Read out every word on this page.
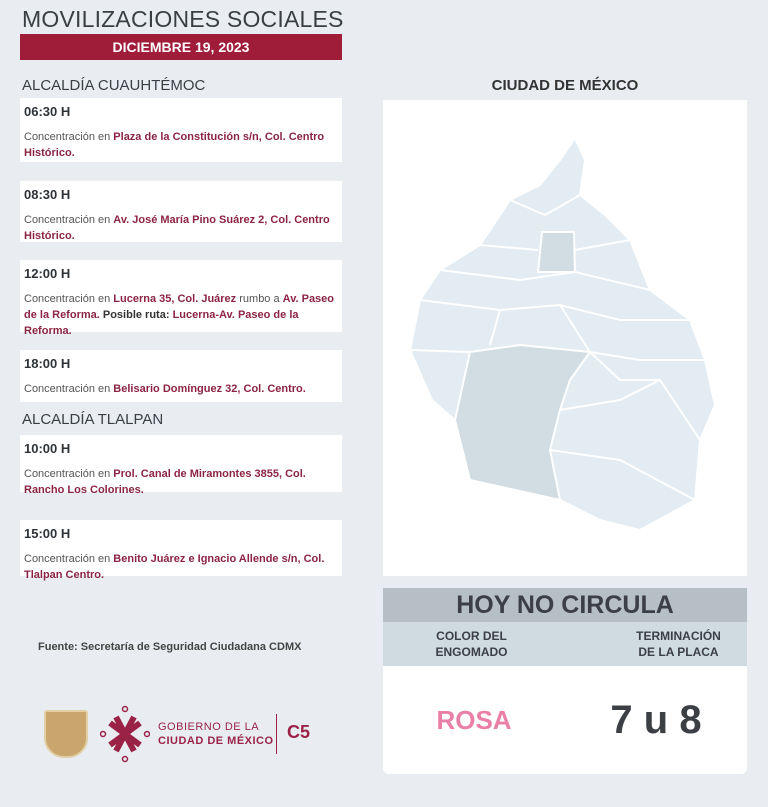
MOVILIZACIONES SOCIALES
DICIEMBRE 19, 2023
ALCALDÍA CUAUHTÉMOC
06:30 H
Concentración en Plaza de la Constitución s/n, Col. Centro Histórico.
08:30 H
Concentración en Av. José María Pino Suárez 2, Col. Centro Histórico.
12:00 H
Concentración en Lucerna 35, Col. Juárez rumbo a Av. Paseo de la Reforma. Posible ruta: Lucerna-Av. Paseo de la Reforma.
18:00 H
Concentración en Belisario Domínguez 32, Col. Centro.
ALCALDÍA TLALPAN
10:00 H
Concentración en Prol. Canal de Miramontes 3855, Col. Rancho Los Colorines.
15:00 H
Concentración en Benito Juárez e Ignacio Allende s/n, Col. Tlalpan Centro.
Fuente: Secretaría de Seguridad Ciudadana CDMX
GOBIERNO DE LA
CIUDAD DE MÉXICO C5
CIUDAD DE MÉXICO
HOY NO CIRCULA
COLOR DEL ENGOMADO
TERMINACIÓN DE LA PLACA
ROSA	7 u 8
